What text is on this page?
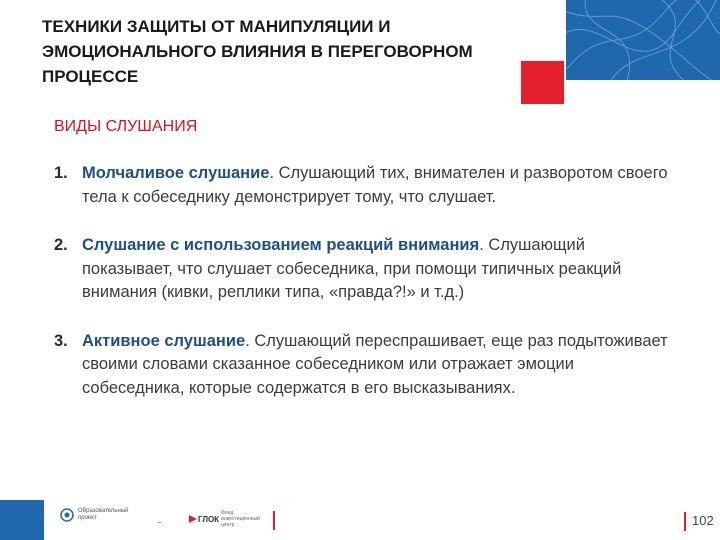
ТЕХНИКИ ЗАЩИТЫ ОТ МАНИПУЛЯЦИИ И ЭМОЦИОНАЛЬНОГО ВЛИЯНИЯ В ПЕРЕГОВОРНОМ ПРОЦЕССЕ
ВИДЫ СЛУШАНИЯ
1. Молчаливое слушание. Слушающий тих, внимателен и разворотом своего тела к собеседнику демонстрирует тому, что слушает.
2. Слушание с использованием реакций внимания. Слушающий показывает, что слушает собеседника, при помощи типичных реакций внимания (кивки, реплики типа, «правда?!» и т.д.)
3. Активное слушание. Слушающий переспрашивает, еще раз подытоживает своими словами сказанное собеседником или отражает эмоции собеседника, которые содержатся в его высказываниях.
Образовательный проект	ГЛОК
Фонд инвестиционный центр	102
